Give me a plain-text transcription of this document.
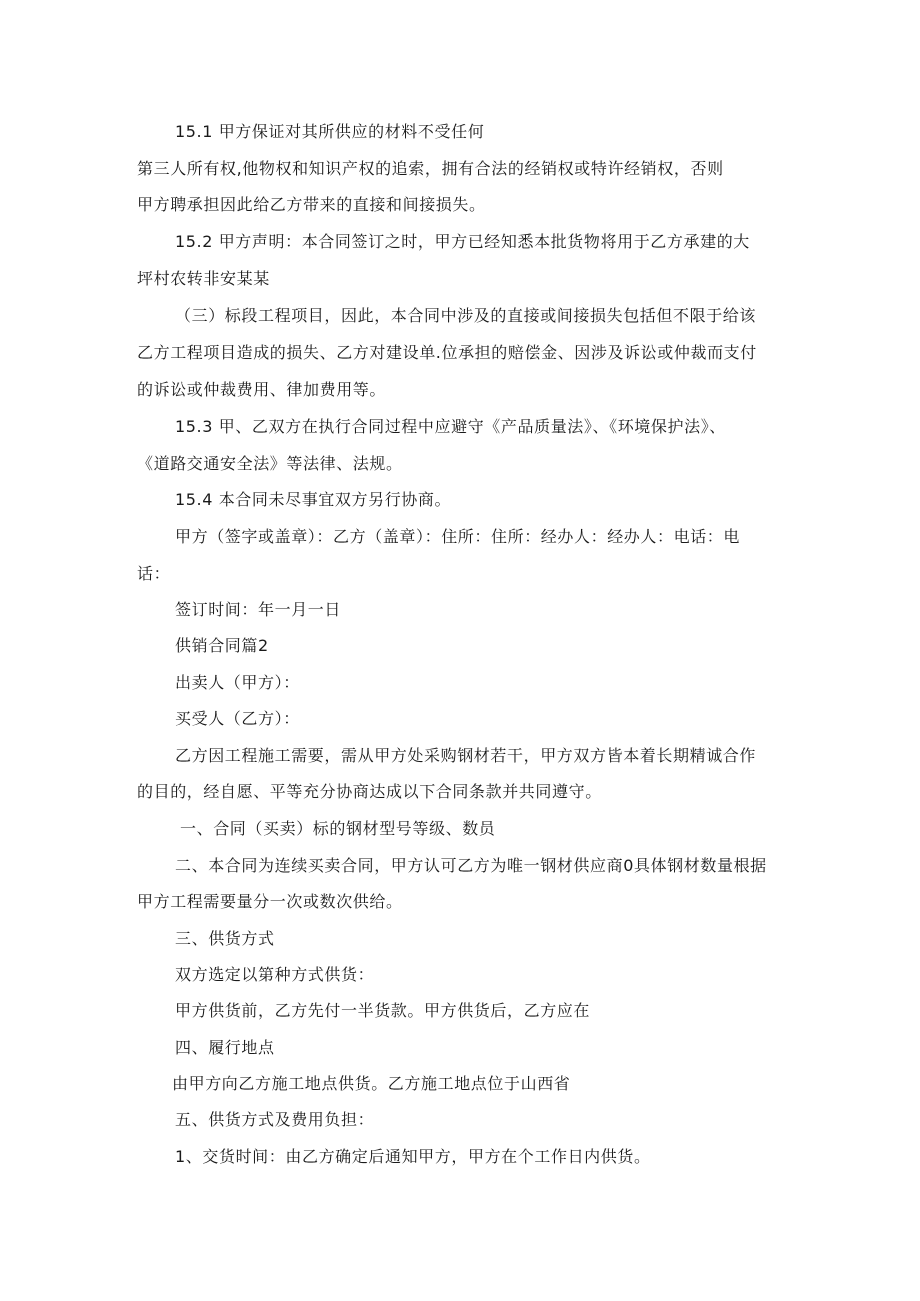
15.1 甲方保证对其所供应的材料不受任何
第三人所有权,他物权和知识产权的追索，拥有合法的经销权或特许经销权，否则
甲方聘承担因此给乙方带来的直接和间接损失。
15.2 甲方声明：本合同签订之时，甲方已经知悉本批货物将用于乙方承建的大
坪村农转非安某某
（三）标段工程项目，因此，本合同中涉及的直接或间接损失包括但不限于给该
乙方工程项目造成的损失、乙方对建设单.位承担的赔偿金、因涉及诉讼或仲裁而支付
的诉讼或仲裁费用、律加费用等。
15.3 甲、乙双方在执行合同过程中应避守《产品质量法》、《环境保护法》、
《道路交通安全法》等法律、法规。
15.4 本合同未尽事宜双方另行协商。
甲方（签字或盖章）：乙方（盖章）：住所：住所：经办人：经办人：电话：电
话：
签订时间：年一月一日
供销合同篇2
出卖人（甲方）：
买受人（乙方）：
乙方因工程施工需要，需从甲方处采购钢材若干，甲方双方皆本着长期精诚合作
的目的，经自愿、平等充分协商达成以下合同条款并共同遵守。
一、合同（买卖）标的钢材型号等级、数员
二、本合同为连续买卖合同，甲方认可乙方为唯一钢材供应商0具体钢材数量根据
甲方工程需要量分一次或数次供给。
三、供货方式
双方选定以第种方式供货：
甲方供货前，乙方先付一半货款。甲方供货后，乙方应在
四、履行地点
由甲方向乙方施工地点供货。乙方施工地点位于山西省
五、供货方式及费用负担：
1、交货时间：由乙方确定后通知甲方，甲方在个工作日内供货。
